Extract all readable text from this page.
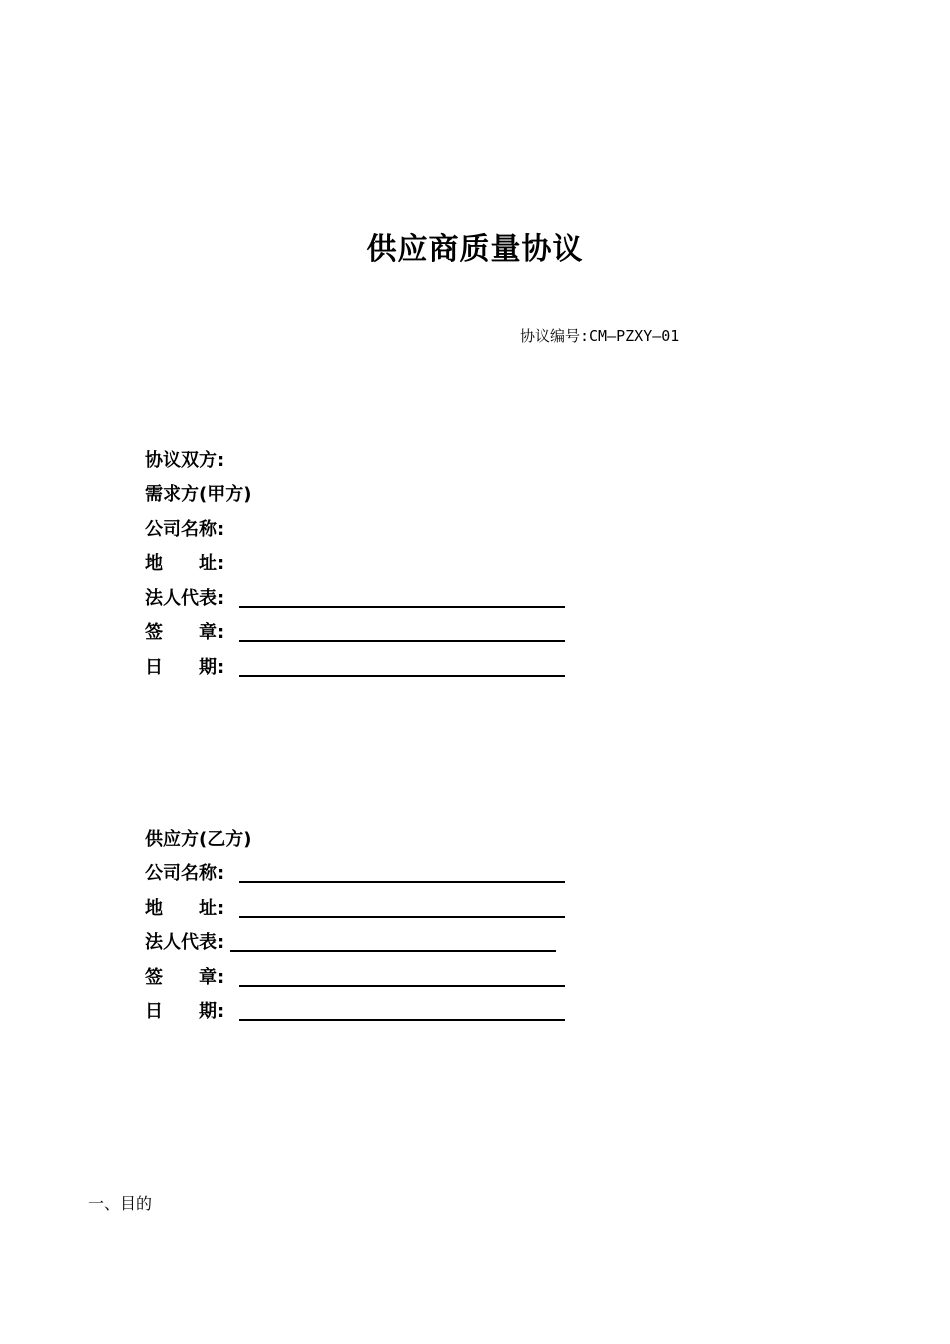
供应商质量协议
协议编号:CM—PZXY—01
协议双方:
需求方(甲方)
公司名称:
地　　址:
法人代表:
签　　章:
日　　期:
供应方(乙方)
公司名称:
地　　址:
法人代表:
签　　章:
日　　期:
一、目的
